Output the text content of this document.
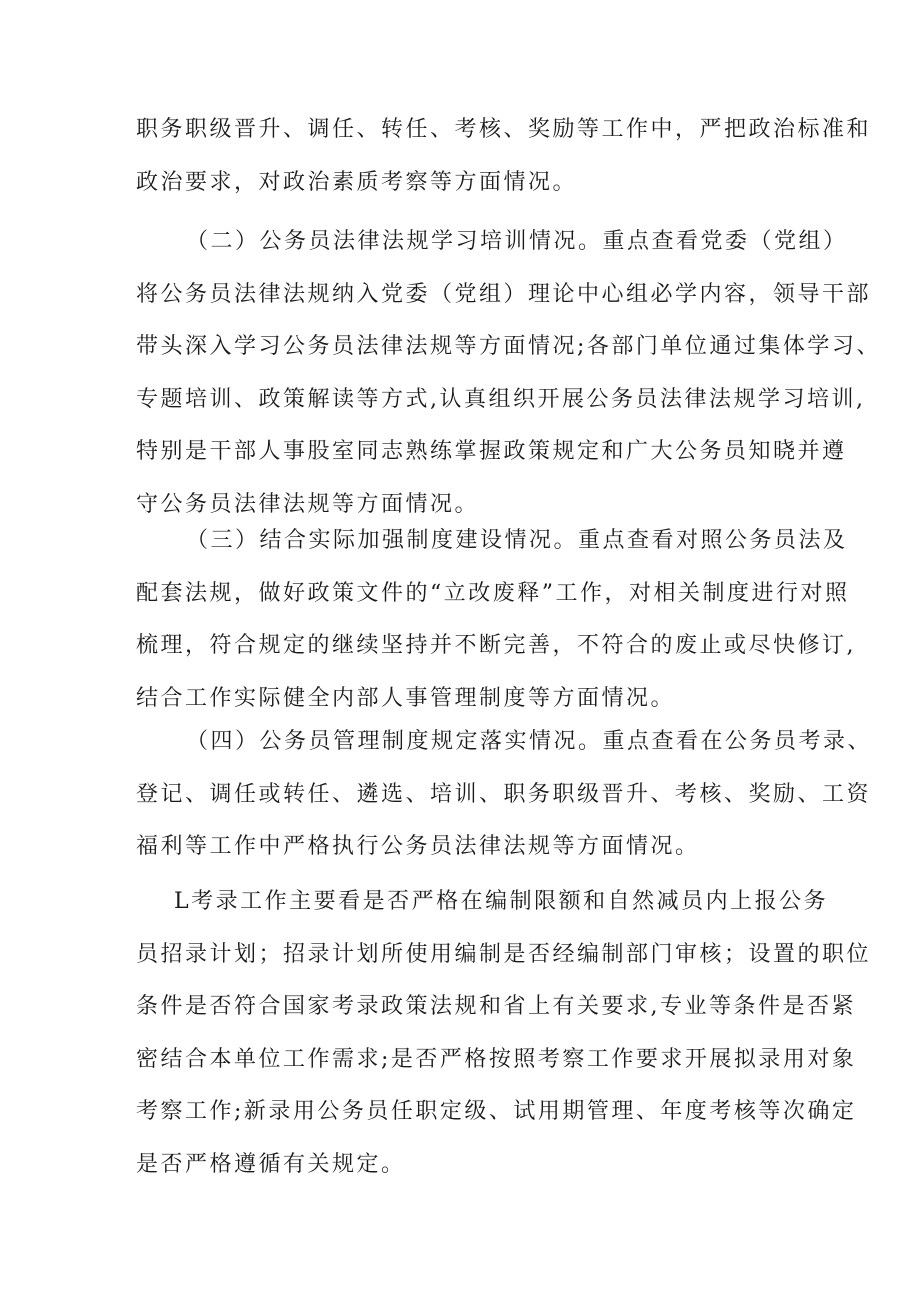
职务职级晋升、调任、转任、考核、奖励等工作中，严把政治标准和
政治要求，对政治素质考察等方面情况。
（二）公务员法律法规学习培训情况。重点查看党委（党组）
将公务员法律法规纳入党委（党组）理论中心组必学内容，领导干部
带头深入学习公务员法律法规等方面情况;各部门单位通过集体学习、
专题培训、政策解读等方式,认真组织开展公务员法律法规学习培训,
特别是干部人事股室同志熟练掌握政策规定和广大公务员知晓并遵
守公务员法律法规等方面情况。
（三）结合实际加强制度建设情况。重点查看对照公务员法及
配套法规，做好政策文件的“立改废释”工作，对相关制度进行对照
梳理，符合规定的继续坚持并不断完善，不符合的废止或尽快修订,
结合工作实际健全内部人事管理制度等方面情况。
（四）公务员管理制度规定落实情况。重点查看在公务员考录、
登记、调任或转任、遴选、培训、职务职级晋升、考核、奖励、工资
福利等工作中严格执行公务员法律法规等方面情况。
L考录工作主要看是否严格在编制限额和自然减员内上报公务
员招录计划；招录计划所使用编制是否经编制部门审核；设置的职位
条件是否符合国家考录政策法规和省上有关要求,专业等条件是否紧
密结合本单位工作需求;是否严格按照考察工作要求开展拟录用对象
考察工作;新录用公务员任职定级、试用期管理、年度考核等次确定
是否严格遵循有关规定。
